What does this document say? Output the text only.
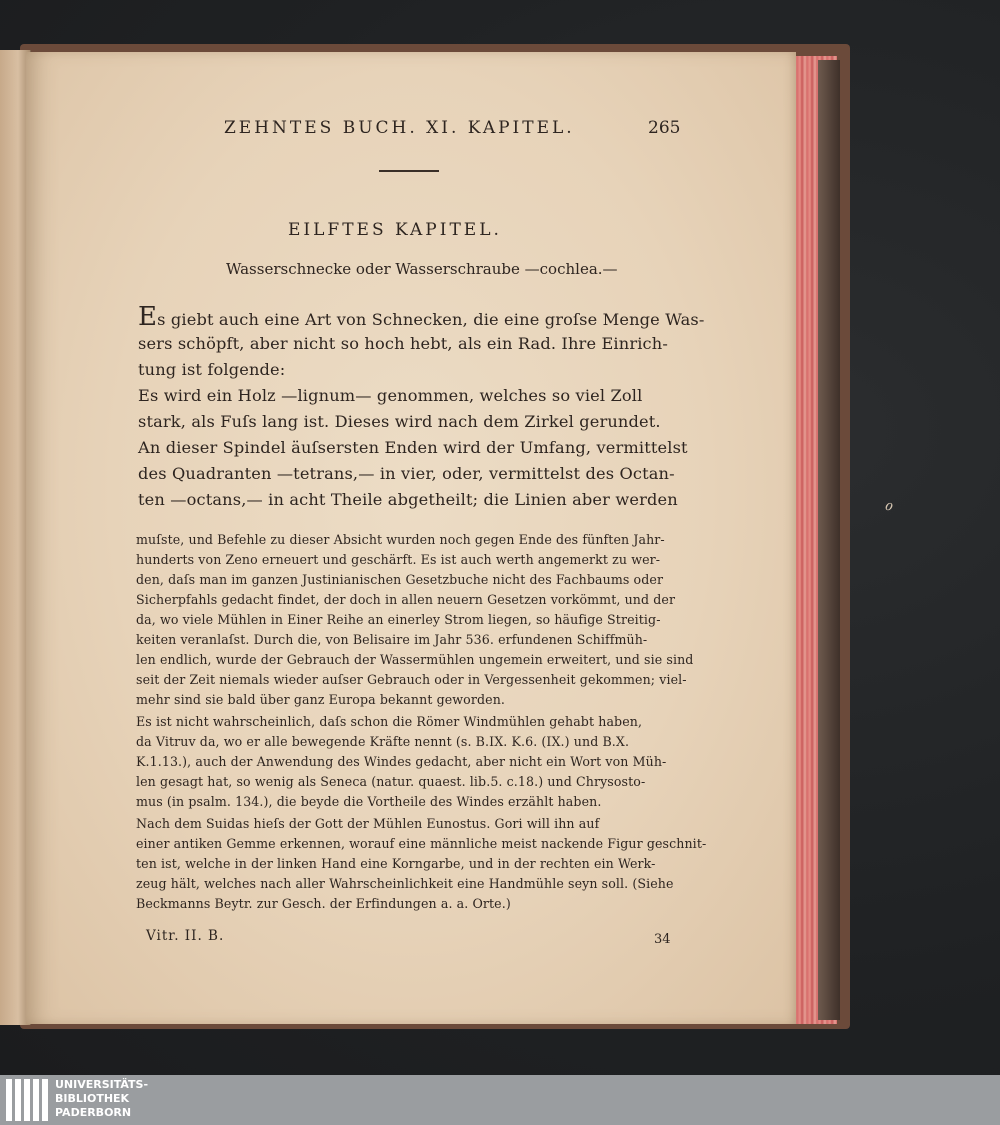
ZEHNTES BUCH. XI. KAPITEL.	265
EILFTES KAPITEL.
Wasserschnecke oder Wasserschraube —cochlea.—
Es giebt auch eine Art von Schnecken, die eine groſse Menge Was-
sers schöpft, aber nicht so hoch hebt, als ein Rad. Ihre Einrich-
tung ist folgende:
Es wird ein Holz —lignum— genommen, welches so viel Zoll
stark, als Fuſs lang ist. Dieses wird nach dem Zirkel gerundet.
An dieser Spindel äuſsersten Enden wird der Umfang, vermittelst
des Quadranten —tetrans,— in vier, oder, vermittelst des Octan-
ten —octans,— in acht Theile abgetheilt; die Linien aber werden
muſste, und Befehle zu dieser Absicht wurden noch gegen Ende des fünften Jahr-
hunderts von Zeno erneuert und geschärft. Es ist auch werth angemerkt zu wer-
den, daſs man im ganzen Justinianischen Gesetzbuche nicht des Fachbaums oder
Sicherpfahls gedacht findet, der doch in allen neuern Gesetzen vorkömmt, und der
da, wo viele Mühlen in Einer Reihe an einerley Strom liegen, so häufige Streitig-
keiten veranlaſst. Durch die, von Belisaire im Jahr 536. erfundenen Schiffmüh-
len endlich, wurde der Gebrauch der Wassermühlen ungemein erweitert, und sie sind
seit der Zeit niemals wieder auſser Gebrauch oder in Vergessenheit gekommen; viel-
mehr sind sie bald über ganz Europa bekannt geworden.
Es ist nicht wahrscheinlich, daſs schon die Römer Windmühlen gehabt haben,
da Vitruv da, wo er alle bewegende Kräfte nennt (s. B.IX. K.6. (IX.) und B.X.
K.1.13.), auch der Anwendung des Windes gedacht, aber nicht ein Wort von Müh-
len gesagt hat, so wenig als Seneca (natur. quaest. lib.5. c.18.) und Chrysosto-
mus (in psalm. 134.), die beyde die Vortheile des Windes erzählt haben.
Nach dem Suidas hieſs der Gott der Mühlen Eunostus. Gori will ihn auf
einer antiken Gemme erkennen, worauf eine männliche meist nackende Figur geschnit-
ten ist, welche in der linken Hand eine Korngarbe, und in der rechten ein Werk-
zeug hält, welches nach aller Wahrscheinlichkeit eine Handmühle seyn soll. (Siehe
Beckmanns Beytr. zur Gesch. der Erfindungen a. a. Orte.)
Vitr. II. B.	34
ℴ
UNIVERSITÄTS-
BIBLIOTHEK
PADERBORN
